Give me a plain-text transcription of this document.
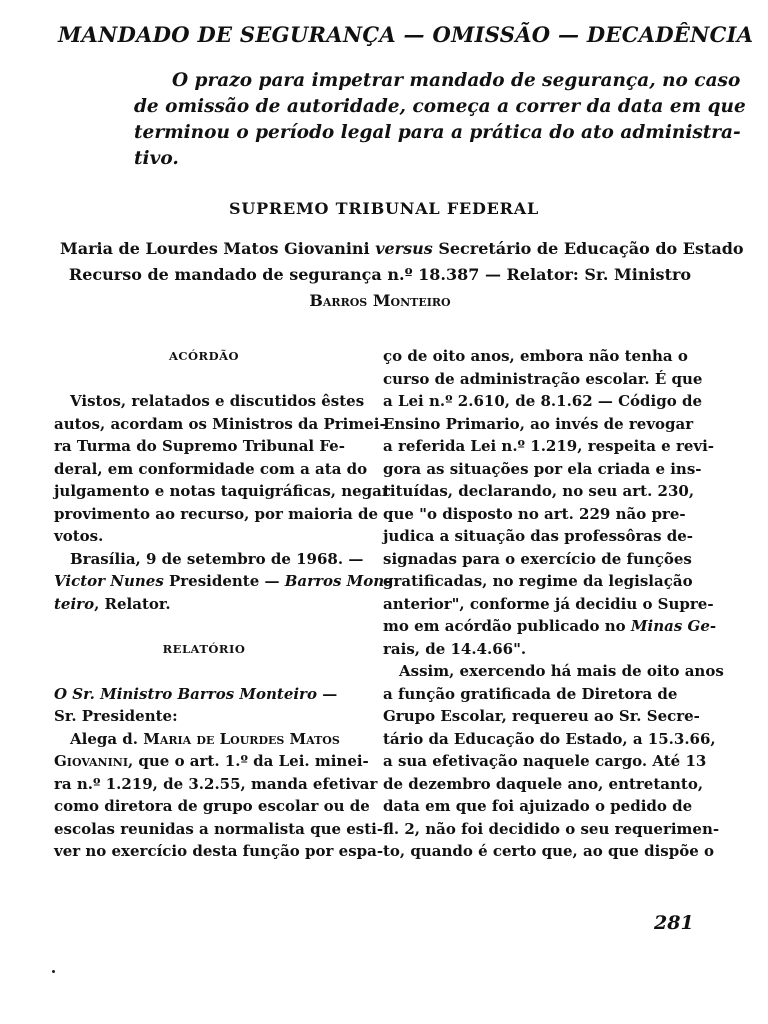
MANDADO DE SEGURANÇA — OMISSÃO — DECADÊNCIA
O prazo para impetrar mandado de segurança, no caso
de omissão de autoridade, começa a correr da data em que
terminou o período legal para a prática do ato administra-
tivo.
SUPREMO TRIBUNAL FEDERAL
Maria de Lourdes Matos Giovanini versus Secretário de Educação do Estado
Recurso de mandado de segurança n.º 18.387 — Relator: Sr. Ministro
Barros Monteiro
ACÓRDÃO
Vistos, relatados e discutidos êstes
autos, acordam os Ministros da Primei-
ra Turma do Supremo Tribunal Fe-
deral, em conformidade com a ata do
julgamento e notas taquigráficas, negar
provimento ao recurso, por maioria de
votos.
Brasília, 9 de setembro de 1968. —
Victor Nunes Presidente — Barros Mon-
teiro, Relator.
RELATÓRIO
O Sr. Ministro Barros Monteiro —
Sr. Presidente:
Alega d. Maria de Lourdes Matos
Giovanini, que o art. 1.º da Lei. minei-
ra n.º 1.219, de 3.2.55, manda efetivar
como diretora de grupo escolar ou de
escolas reunidas a normalista que esti-
ver no exercício desta função por espa-
ço de oito anos, embora não tenha o
curso de administração escolar. É que
a Lei n.º 2.610, de 8.1.62 — Código de
Ensino Primario, ao invés de revogar
a referida Lei n.º 1.219, respeita e revi-
gora as situações por ela criada e ins-
tituídas, declarando, no seu art. 230,
que "o disposto no art. 229 não pre-
judica a situação das professôras de-
signadas para o exercício de funções
gratificadas, no regime da legislação
anterior", conforme já decidiu o Supre-
mo em acórdão publicado no Minas Ge-
rais, de 14.4.66".
Assim, exercendo há mais de oito anos
a função gratificada de Diretora de
Grupo Escolar, requereu ao Sr. Secre-
tário da Educação do Estado, a 15.3.66,
a sua efetivação naquele cargo. Até 13
de dezembro daquele ano, entretanto,
data em que foi ajuizado o pedido de
fl. 2, não foi decidido o seu requerimen-
to, quando é certo que, ao que dispõe o
281
